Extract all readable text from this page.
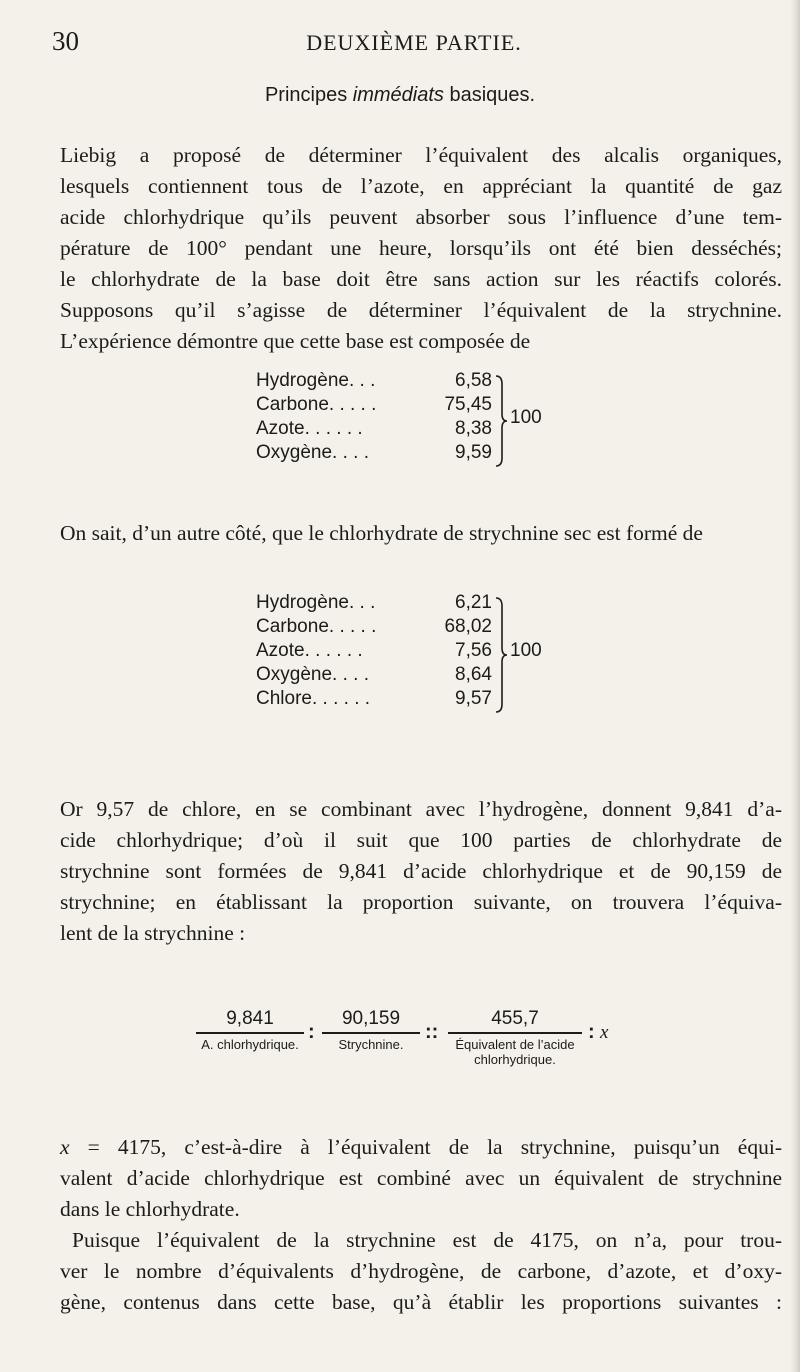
30	DEUXIÈME PARTIE.
Principes immédiats basiques.
Liebig a proposé de déterminer l’équivalent des alcalis organiques,
lesquels contiennent tous de l’azote, en appréciant la quantité de gaz
acide chlorhydrique qu’ils peuvent absorber sous l’influence d’une tem-
pérature de 100° pendant une heure, lorsqu’ils ont été bien desséchés;
le chlorhydrate de la base doit être sans action sur les réactifs colorés.
Supposons qu’il s’agisse de déterminer l’équivalent de la strychnine.
L’expérience démontre que cette base est composée de
Hydrogène. . .	6,58
Carbone. . . . .	75,45
Azote. . . . . .	8,38
Oxygène. . . .	9,59
100
On sait, d’un autre côté, que le chlorhydrate de strychnine sec est formé de
Hydrogène. . .	6,21
Carbone. . . . .	68,02
Azote. . . . . .	7,56
Oxygène. . . .	8,64
Chlore. . . . . .	9,57
100
Or 9,57 de chlore, en se combinant avec l’hydrogène, donnent 9,841 d’a-
cide chlorhydrique; d’où il suit que 100 parties de chlorhydrate de
strychnine sont formées de 9,841 d’acide chlorhydrique et de 90,159 de
strychnine; en établissant la proportion suivante, on trouvera l’équiva-
lent de la strychnine :
9,841
A. chlorhydrique.
:
90,159
Strychnine.
::
455,7
Équivalent de l’acide
chlorhydrique.
: x
x = 4175, c’est-à-dire à l’équivalent de la strychnine, puisqu’un équi-
valent d’acide chlorhydrique est combiné avec un équivalent de strychnine
dans le chlorhydrate.
Puisque l’équivalent de la strychnine est de 4175, on n’a, pour trou-
ver le nombre d’équivalents d’hydrogène, de carbone, d’azote, et d’oxy-
gène, contenus dans cette base, qu’à établir les proportions suivantes :
